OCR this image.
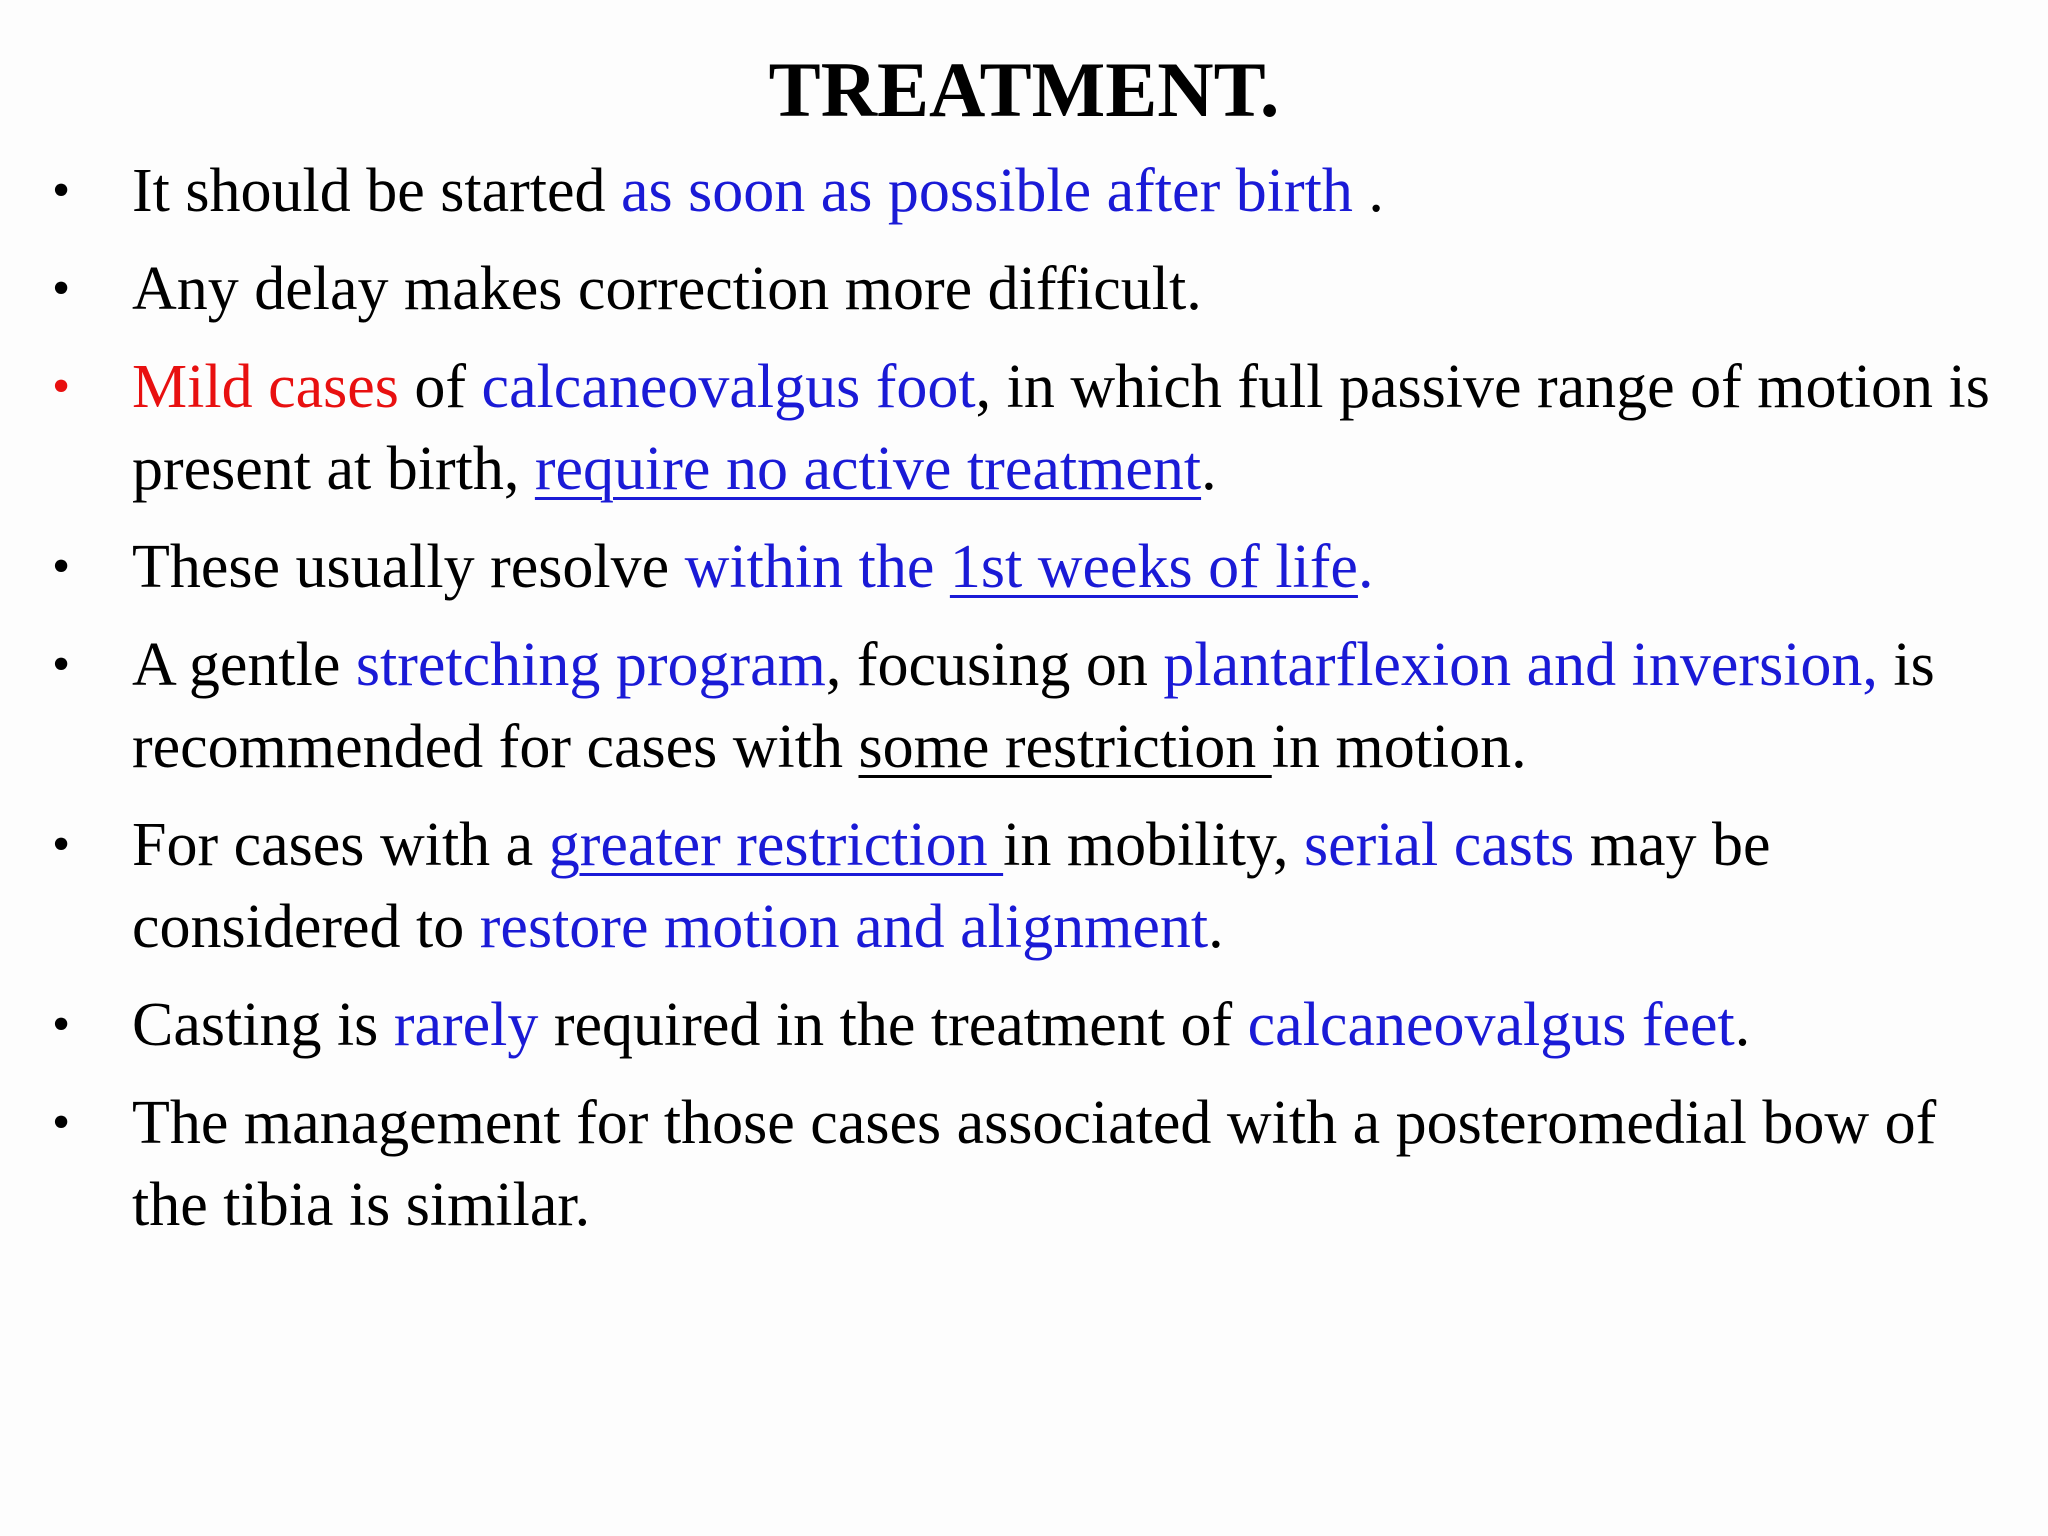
TREATMENT.
• It should be started as soon as possible after birth .
• Any delay makes correction more difficult.
• Mild cases of calcaneovalgus foot, in which full passive range of motion is present at birth, require no active treatment.
• These usually resolve within the 1st weeks of life.
• A gentle stretching program, focusing on plantarflexion and inversion, is recommended for cases with some restriction in motion.
• For cases with a greater restriction in mobility, serial casts may be considered to restore motion and alignment.
• Casting is rarely required in the treatment of calcaneovalgus feet.
• The management for those cases associated with a posteromedial bow of the tibia is similar.
